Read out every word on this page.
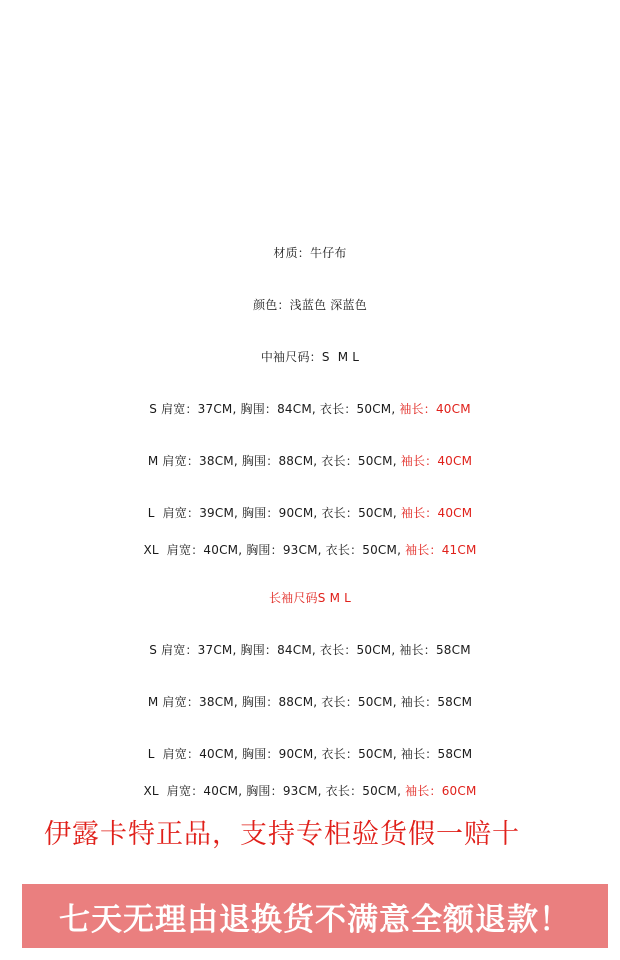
材质：牛仔布
颜色：浅蓝色 深蓝色
中袖尺码：S  M L
S 肩宽：37CM, 胸围：84CM, 衣长：50CM, 袖长：40CM
M 肩宽：38CM, 胸围：88CM, 衣长：50CM, 袖长：40CM
L  肩宽：39CM, 胸围：90CM, 衣长：50CM, 袖长：40CM
XL  肩宽：40CM, 胸围：93CM, 衣长：50CM, 袖长：41CM
长袖尺码S M L
S 肩宽：37CM, 胸围：84CM, 衣长：50CM, 袖长：58CM
M 肩宽：38CM, 胸围：88CM, 衣长：50CM, 袖长：58CM
L  肩宽：40CM, 胸围：90CM, 衣长：50CM, 袖长：58CM
XL  肩宽：40CM, 胸围：93CM, 衣长：50CM, 袖长：60CM
伊露卡特正品，支持专柜验货假一赔十
七天无理由退换货不满意全额退款！
